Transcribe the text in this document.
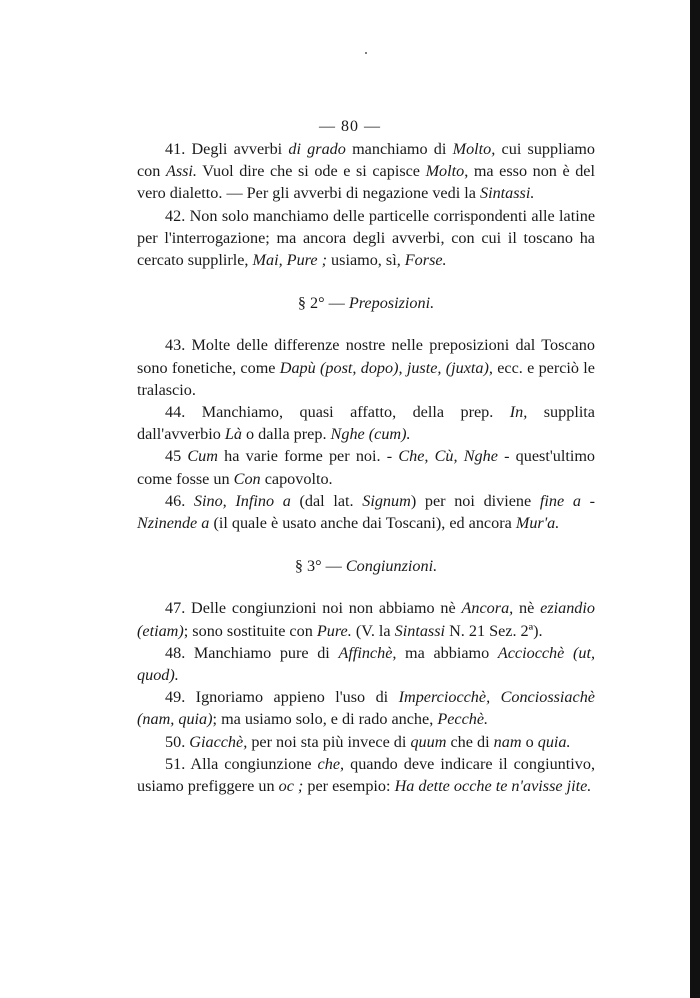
— 80 —

41. Degli avverbi di grado manchiamo di Molto, cui suppliamo con Assi. Vuol dire che si ode e si capisce Molto, ma esso non è del vero dialetto. — Per gli avverbi di negazione vedi la Sintassi.

42. Non solo manchiamo delle particelle corrispondenti alle latine per l'interrogazione; ma ancora degli avverbi, con cui il toscano ha cercato supplirle, Mai, Pure ; usiamo, sì, Forse.

§ 2° — Preposizioni.

43. Molte delle differenze nostre nelle preposizioni dal Toscano sono fonetiche, come Dapù (post, dopo), juste, (juxta), ecc. e perciò le tralascio.

44. Manchiamo, quasi affatto, della prep. In, supplita dall'avverbio Là o dalla prep. Nghe (cum).

45 Cum ha varie forme per noi. - Che, Cù, Nghe - quest'ultimo come fosse un Con capovolto.

46. Sino, Infino a (dal lat. Signum) per noi diviene fine a - Nzinende a (il quale è usato anche dai Toscani), ed ancora Mur'a.

§ 3° — Congiunzioni.

47. Delle congiunzioni noi non abbiamo nè Ancora, nè eziandio (etiam); sono sostituite con Pure. (V. la Sintassi N. 21 Sez. 2ª).

48. Manchiamo pure di Affinchè, ma abbiamo Acciocchè (ut, quod).

49. Ignoriamo appieno l'uso di Imperciocchè, Conciossiachè (nam, quia); ma usiamo solo, e di rado anche, Pecchè.

50. Giacchè, per noi sta più invece di quum che di nam o quia.

51. Alla congiunzione che, quando deve indicare il congiuntivo, usiamo prefiggere un oc ; per esempio: Ha dette ocche te n'avisse jite.
